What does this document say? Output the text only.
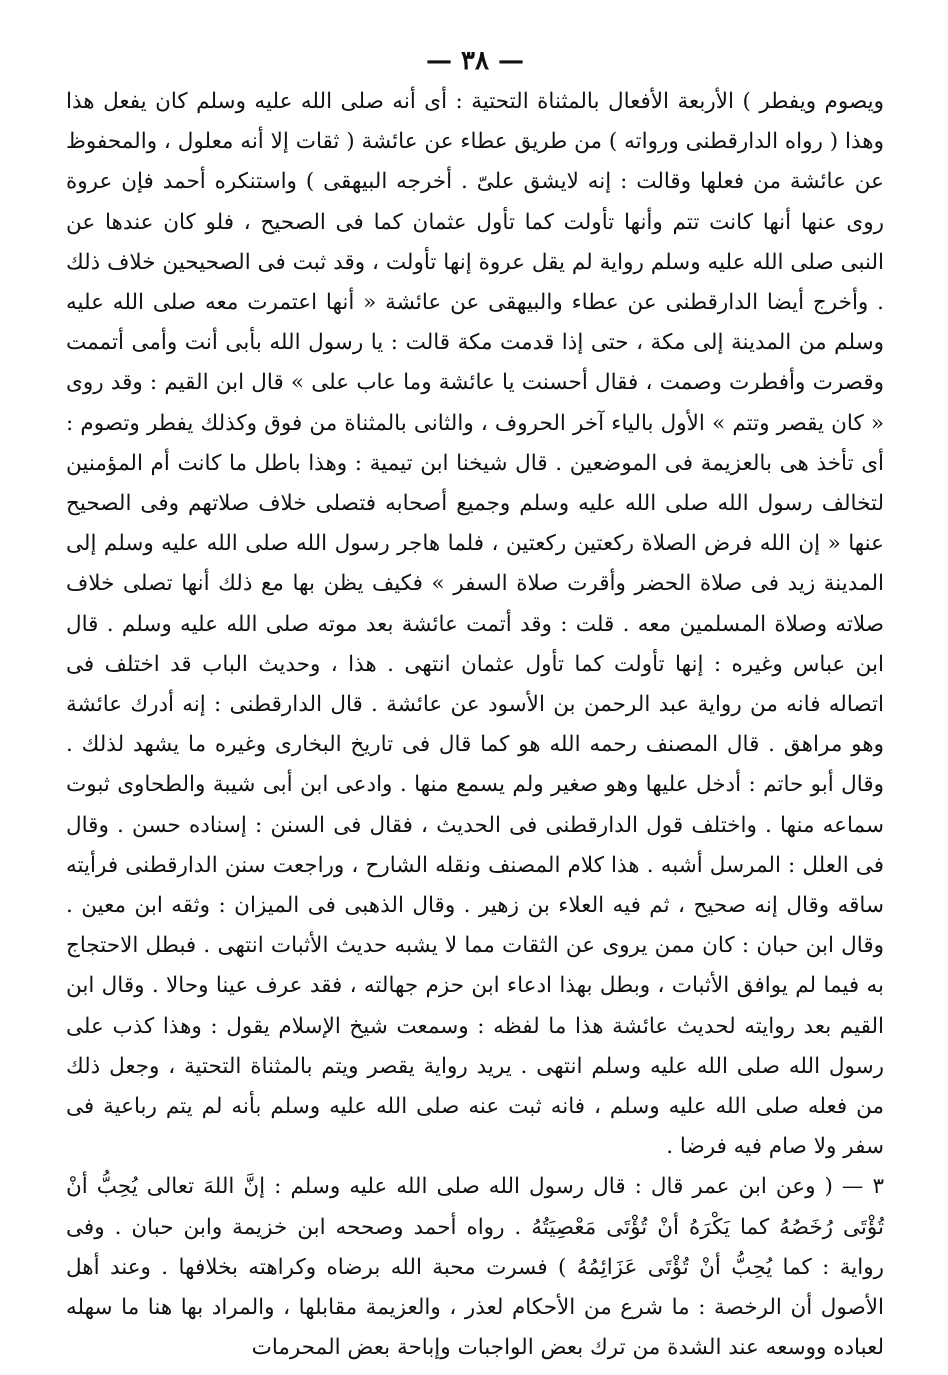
— ٣٨ —

ويصوم ويفطر ) الأربعة الأفعال بالمثناة التحتية : أى أنه صلى الله عليه وسلم كان يفعل هذا وهذا ( رواه الدارقطنى ورواته ) من طريق عطاء عن عائشة ( ثقات إلا أنه معلول ، والمحفوظ عن عائشة من فعلها وقالت : إنه لايشق علىّ . أخرجه البيهقى ) واستنكره أحمد فإن عروة روى عنها أنها كانت تتم وأنها تأولت كما تأول عثمان كما فى الصحيح ، فلو كان عندها عن النبى صلى الله عليه وسلم رواية لم يقل عروة إنها تأولت ، وقد ثبت فى الصحيحين خلاف ذلك . وأخرج أيضا الدارقطنى عن عطاء والبيهقى عن عائشة « أنها اعتمرت معه صلى الله عليه وسلم من المدينة إلى مكة ، حتى إذا قدمت مكة قالت : يا رسول الله بأبى أنت وأمى أتممت وقصرت وأفطرت وصمت ، فقال أحسنت يا عائشة وما عاب على » قال ابن القيم : وقد روى « كان يقصر وتتم » الأول بالياء آخر الحروف ، والثانى بالمثناة من فوق وكذلك يفطر وتصوم : أى تأخذ هى بالعزيمة فى الموضعين . قال شيخنا ابن تيمية : وهذا باطل ما كانت أم المؤمنين لتخالف رسول الله صلى الله عليه وسلم وجميع أصحابه فتصلى خلاف صلاتهم وفى الصحيح عنها « إن الله فرض الصلاة ركعتين ركعتين ، فلما هاجر رسول الله صلى الله عليه وسلم إلى المدينة زيد فى صلاة الحضر وأقرت صلاة السفر » فكيف يظن بها مع ذلك أنها تصلى خلاف صلاته وصلاة المسلمين معه . قلت : وقد أتمت عائشة بعد موته صلى الله عليه وسلم . قال ابن عباس وغيره : إنها تأولت كما تأول عثمان انتهى . هذا ، وحديث الباب قد اختلف فى اتصاله فانه من رواية عبد الرحمن بن الأسود عن عائشة . قال الدارقطنى : إنه أدرك عائشة وهو مراهق . قال المصنف رحمه الله هو كما قال فى تاريخ البخارى وغيره ما يشهد لذلك . وقال أبو حاتم : أدخل عليها وهو صغير ولم يسمع منها . وادعى ابن أبى شيبة والطحاوى ثبوت سماعه منها . واختلف قول الدارقطنى فى الحديث ، فقال فى السنن : إسناده حسن . وقال فى العلل : المرسل أشبه . هذا كلام المصنف ونقله الشارح ، وراجعت سنن الدارقطنى فرأيته ساقه وقال إنه صحيح ، ثم فيه العلاء بن زهير . وقال الذهبى فى الميزان : وثقه ابن معين . وقال ابن حبان : كان ممن يروى عن الثقات مما لا يشبه حديث الأثبات انتهى . فبطل الاحتجاج به فيما لم يوافق الأثبات ، وبطل بهذا ادعاء ابن حزم جهالته ، فقد عرف عينا وحالا . وقال ابن القيم بعد روايته لحديث عائشة هذا ما لفظه : وسمعت شيخ الإسلام يقول : وهذا كذب على رسول الله صلى الله عليه وسلم انتهى . يريد رواية يقصر ويتم بالمثناة التحتية ، وجعل ذلك من فعله صلى الله عليه وسلم ، فانه ثبت عنه صلى الله عليه وسلم بأنه لم يتم رباعية فى سفر ولا صام فيه فرضا .

٣ — ( وعن ابن عمر قال : قال رسول الله صلى الله عليه وسلم : إنَّ اللهَ تعالى يُحِبُّ أنْ تُؤْتَى رُخَصُهُ كما يَكْرَهُ أنْ تُؤْتَى مَعْصِيَتُهُ . رواه أحمد وصححه ابن خزيمة وابن حبان . وفى رواية : كما يُحِبُّ أنْ تُؤْتَى عَزَائِمُهُ ) فسرت محبة الله برضاه وكراهته بخلافها . وعند أهل الأصول أن الرخصة : ما شرع من الأحكام لعذر ، والعزيمة مقابلها ، والمراد بها هنا ما سهله لعباده ووسعه عند الشدة من ترك بعض الواجبات وإباحة بعض المحرمات
